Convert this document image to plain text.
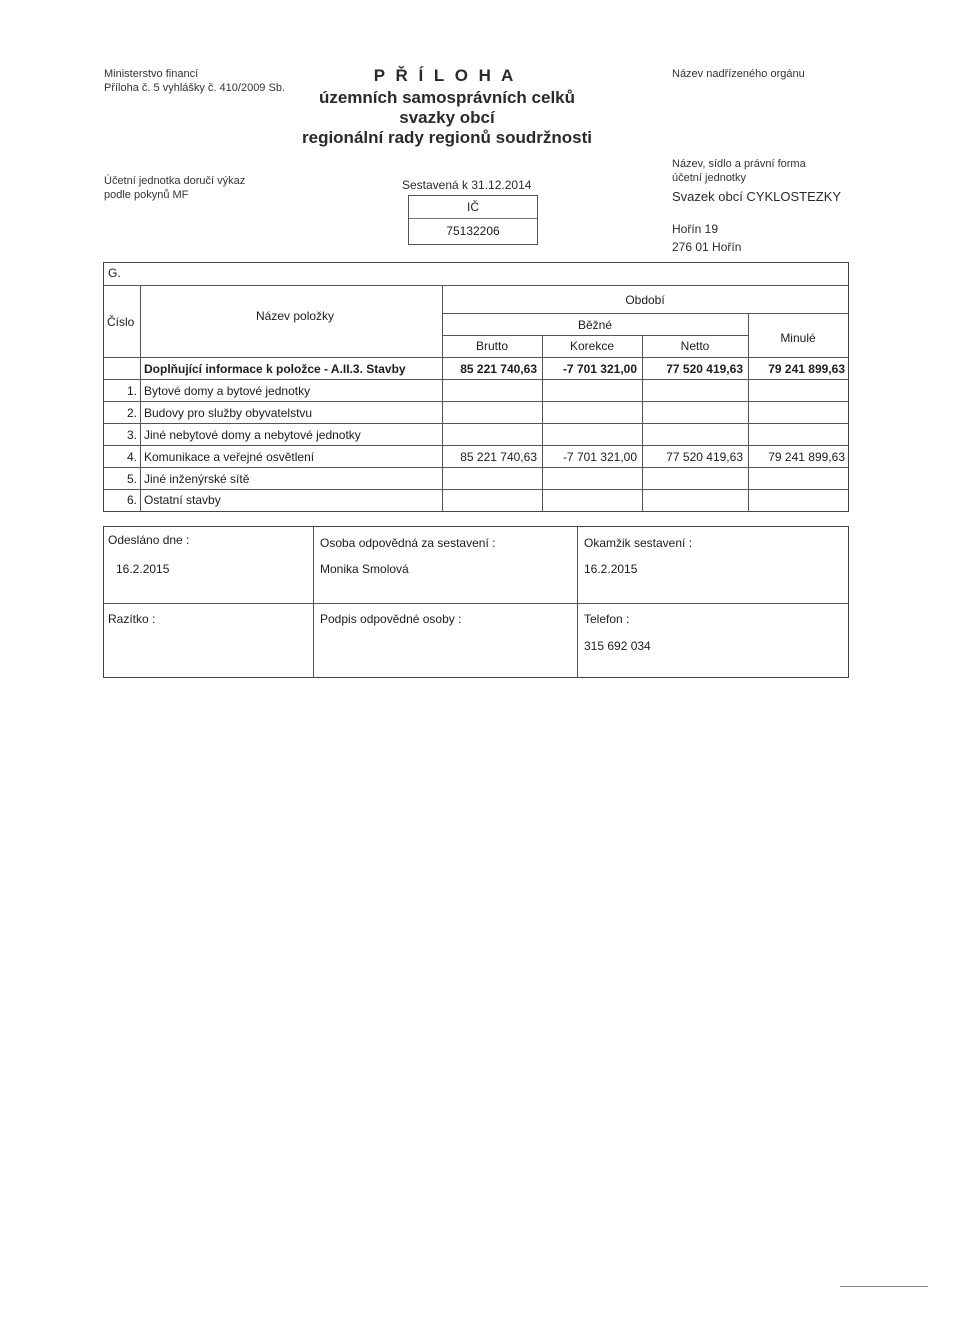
Ministerstvo financí
Příloha č. 5 vyhlášky č. 410/2009 Sb.
P Ř Í L O H A
územních samosprávních celků
svazky obcí
regionální rady regionů soudržnosti
Název nadřízeného orgánu
Účetní jednotka doručí výkaz
podle pokynů MF
Sestavená k 31.12.2014
IČ
75132206
Název, sídlo a právní forma
účetní jednotky
Svazek obcí CYKLOSTEZKY
Hořín 19
276 01 Hořín
G.
Číslo	Název položky
Období
Běžné
Brutto	Korekce	Netto
Minulé
Doplňující informace k položce - A.II.3. Stavby	85 221 740,63	-7 701 321,00	77 520 419,63	79 241 899,63
1. Bytové domy a bytové jednotky
2. Budovy pro služby obyvatelstvu
3. Jiné nebytové domy a nebytové jednotky
4. Komunikace a veřejné osvětlení	85 221 740,63	-7 701 321,00	77 520 419,63	79 241 899,63
5. Jiné inženýrské sítě
6. Ostatní stavby
Odesláno dne :
16.2.2015
Osoba odpovědná za sestavení :
Monika Smolová
Okamžik sestavení :
16.2.2015
Razítko :	Podpis odpovědné osoby :	Telefon :
315 692 034
